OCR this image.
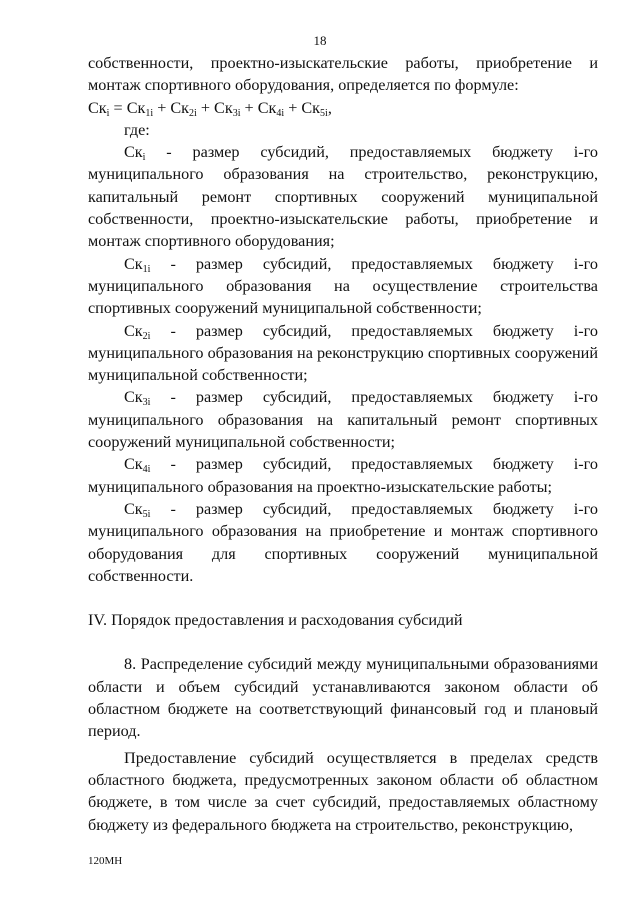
18

собственности, проектно-изыскательские работы, приобретение и монтаж спортивного оборудования, определяется по формуле:

$Ск_i = Ск_{1i} + Ск_{2i} + Ск_{3i} + Ск_{4i} + Ск_{5i}$,

где:

$Ск_i$ - размер субсидий, предоставляемых бюджету i-го муниципального образования на строительство, реконструкцию, капитальный ремонт спортивных сооружений муниципальной собственности, проектно-изыскательские работы, приобретение и монтаж спортивного оборудования;

$Ск_{1i}$ - размер субсидий, предоставляемых бюджету i-го муниципального образования на осуществление строительства спортивных сооружений муниципальной собственности;

$Ск_{2i}$ - размер субсидий, предоставляемых бюджету i-го муниципального образования на реконструкцию спортивных сооружений муниципальной собственности;

$Ск_{3i}$ - размер субсидий, предоставляемых бюджету i-го муниципального образования на капитальный ремонт спортивных сооружений муниципальной собственности;

$Ск_{4i}$ - размер субсидий, предоставляемых бюджету i-го муниципального образования на проектно-изыскательские работы;

$Ск_{5i}$ - размер субсидий, предоставляемых бюджету i-го муниципального образования на приобретение и монтаж спортивного оборудования для спортивных сооружений муниципальной собственности.

IV. Порядок предоставления и расходования субсидий

8. Распределение субсидий между муниципальными образованиями области и объем субсидий устанавливаются законом области об областном бюджете на соответствующий финансовый год и плановый период.

Предоставление субсидий осуществляется в пределах средств областного бюджета, предусмотренных законом области об областном бюджете, в том числе за счет субсидий, предоставляемых областному бюджету из федерального бюджета на строительство, реконструкцию,

120МН
